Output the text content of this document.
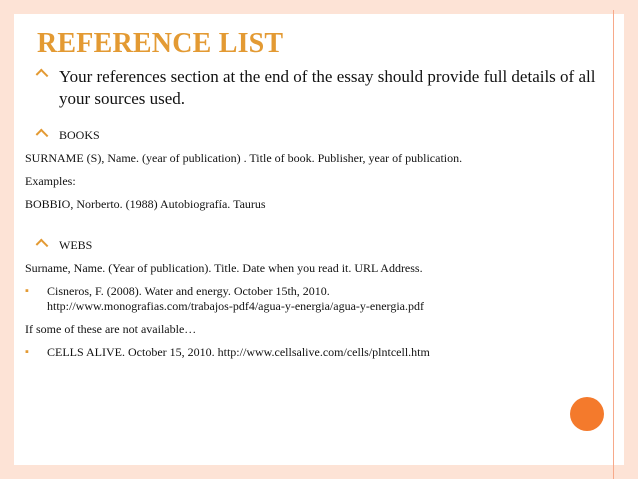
REFERENCE LIST
Your references section at the end of the essay should provide full details of all your sources used.
BOOKS
SURNAME (S), Name. (year of publication) . Title of book. Publisher, year of publication.
Examples:
BOBBIO, Norberto. (1988) Autobiografía. Taurus
WEBS
Surname, Name. (Year of publication). Title. Date when you read it. URL Address.
▪ Cisneros, F. (2008). Water and energy. October 15th, 2010.
http://www.monografias.com/trabajos-pdf4/agua-y-energia/agua-y-energia.pdf
If some of these are not available…
▪	CELLS ALIVE. October 15, 2010. http://www.cellsalive.com/cells/plntcell.htm
